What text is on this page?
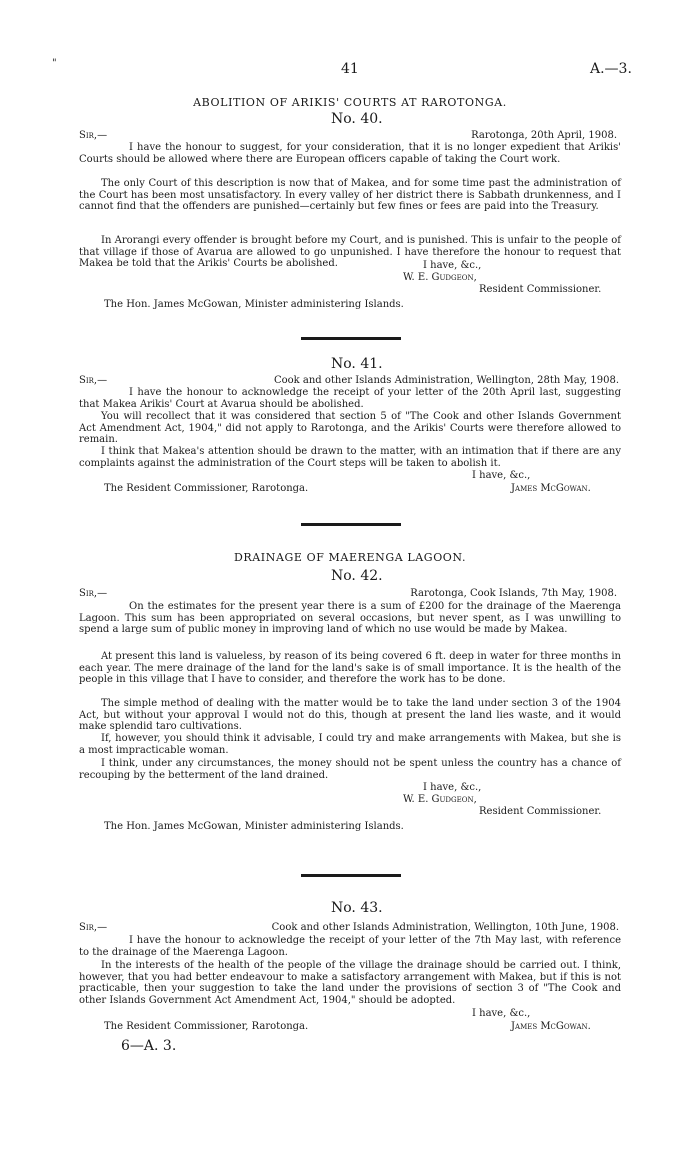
"	41	A.—3.
ABOLITION OF ARIKIS' COURTS AT RAROTONGA.
No. 40.
Sir,—	Rarotonga, 20th April, 1908.

I have the honour to suggest, for your consideration, that it is no longer expedient that Arikis' Courts should be allowed where there are European officers capable of taking the Court work.

The only Court of this description is now that of Makea, and for some time past the administration of the Court has been most unsatisfactory. In every valley of her district there is Sabbath drunkenness, and I cannot find that the offenders are punished—certainly but few fines or fees are paid into the Treasury.

In Arorangi every offender is brought before my Court, and is punished. This is unfair to the people of that village if those of Avarua are allowed to go unpunished. I have therefore the honour to request that Makea be told that the Arikis' Courts be abolished.	I have, &c.,
W. E. Gudgeon,
Resident Commissioner.
The Hon. James McGowan, Minister administering Islands.
No. 41.
Sir,—	Cook and other Islands Administration, Wellington, 28th May, 1908.

I have the honour to acknowledge the receipt of your letter of the 20th April last, suggesting that Makea Arikis' Court at Avarua should be abolished.

You will recollect that it was considered that section 5 of "The Cook and other Islands Government Act Amendment Act, 1904," did not apply to Rarotonga, and the Arikis' Courts were therefore allowed to remain.

I think that Makea's attention should be drawn to the matter, with an intimation that if there are any complaints against the administration of the Court steps will be taken to abolish it.

I have, &c.,
The Resident Commissioner, Rarotonga.	James McGowan.
DRAINAGE OF MAERENGA LAGOON.
No. 42.
Sir,—	Rarotonga, Cook Islands, 7th May, 1908.

On the estimates for the present year there is a sum of £200 for the drainage of the Maerenga Lagoon. This sum has been appropriated on several occasions, but never spent, as I was unwilling to spend a large sum of public money in improving land of which no use would be made by Makea.

At present this land is valueless, by reason of its being covered 6 ft. deep in water for three months in each year. The mere drainage of the land for the land's sake is of small importance. It is the health of the people in this village that I have to consider, and therefore the work has to be done.

The simple method of dealing with the matter would be to take the land under section 3 of the 1904 Act, but without your approval I would not do this, though at present the land lies waste, and it would make splendid taro cultivations.

If, however, you should think it advisable, I could try and make arrangements with Makea, but she is a most impracticable woman.

I think, under any circumstances, the money should not be spent unless the country has a chance of recouping by the betterment of the land drained.

I have, &c.,
W. E. Gudgeon,
Resident Commissioner.
The Hon. James McGowan, Minister administering Islands.
No. 43.
Sir,—	Cook and other Islands Administration, Wellington, 10th June, 1908.

I have the honour to acknowledge the receipt of your letter of the 7th May last, with reference to the drainage of the Maerenga Lagoon.

In the interests of the health of the people of the village the drainage should be carried out. I think, however, that you had better endeavour to make a satisfactory arrangement with Makea, but if this is not practicable, then your suggestion to take the land under the provisions of section 3 of "The Cook and other Islands Government Act Amendment Act, 1904," should be adopted.

I have, &c.,
The Resident Commissioner, Rarotonga.	James McGowan.
6—A. 3.
